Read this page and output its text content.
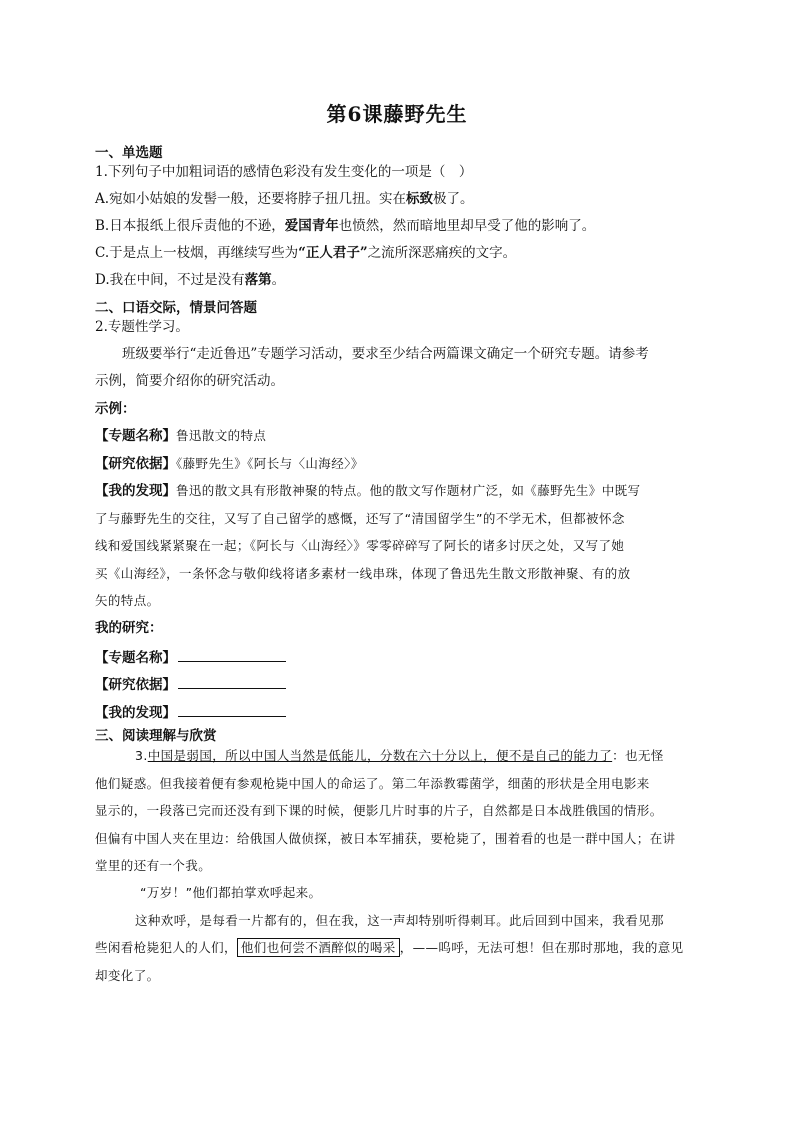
第6课藤野先生
一、单选题
1.下列句子中加粗词语的感情色彩没有发生变化的一项是（　）
A.宛如小姑娘的发髻一般，还要将脖子扭几扭。实在标致极了。
B.日本报纸上很斥责他的不逊，爱国青年也愤然，然而暗地里却早受了他的影响了。
C.于是点上一枝烟，再继续写些为“正人君子”之流所深恶痛疾的文字。
D.我在中间，不过是没有落第。
二、口语交际，情景问答题
2.专题性学习。
班级要举行“走近鲁迅”专题学习活动，要求至少结合两篇课文确定一个研究专题。请参考
示例，简要介绍你的研究活动。
示例：
【专题名称】鲁迅散文的特点
【研究依据】《藤野先生》《阿长与〈山海经〉》
【我的发现】鲁迅的散文具有形散神聚的特点。他的散文写作题材广泛，如《藤野先生》中既写
了与藤野先生的交往，又写了自己留学的感慨，还写了“清国留学生”的不学无术，但都被怀念
线和爱国线紧紧聚在一起；《阿长与〈山海经〉》零零碎碎写了阿长的诸多讨厌之处，又写了她
买《山海经》，一条怀念与敬仰线将诸多素材一线串珠，体现了鲁迅先生散文形散神聚、有的放
矢的特点。
我的研究：
【专题名称】
【研究依据】
【我的发现】
三、阅读理解与欣赏
3.中国是弱国，所以中国人当然是低能儿，分数在六十分以上，便不是自己的能力了：也无怪
他们疑惑。但我接着便有参观枪毙中国人的命运了。第二年添教霉菌学，细菌的形状是全用电影来
显示的，一段落已完而还没有到下课的时候，便影几片时事的片子，自然都是日本战胜俄国的情形。
但偏有中国人夹在里边：给俄国人做侦探，被日本军捕获，要枪毙了，围着看的也是一群中国人；在讲
堂里的还有一个我。
“万岁！”他们都拍掌欢呼起来。
这种欢呼，是每看一片都有的，但在我，这一声却特别听得刺耳。此后回到中国来，我看见那
些闲看枪毙犯人的人们， 他们也何尝不酒醉似的喝采 ，——呜呼，无法可想！但在那时那地，我的意见
却变化了。
